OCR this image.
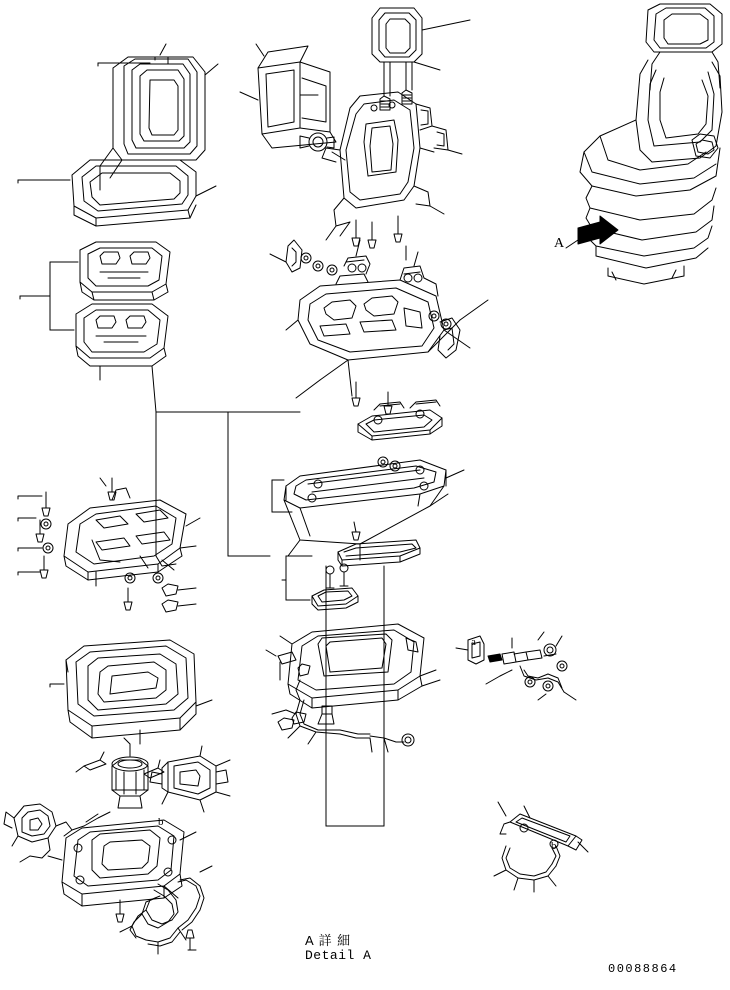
A 詳 細
Detail A
00088864
A
a
b
b
